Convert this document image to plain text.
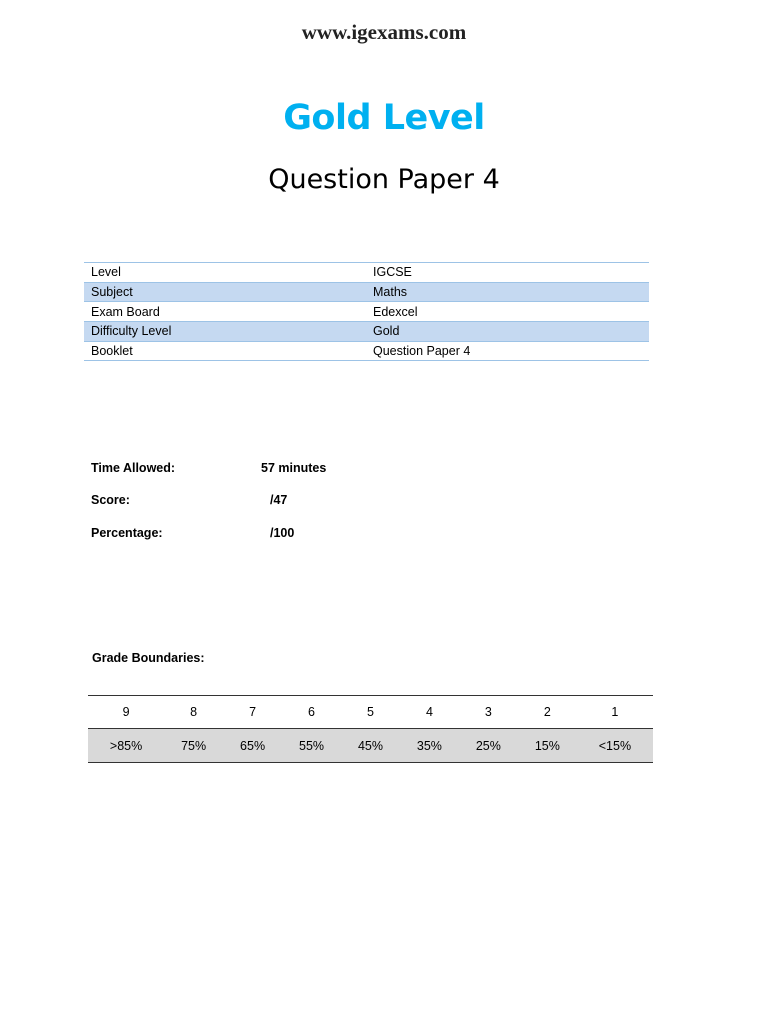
www.igexams.com
Gold Level
Question Paper 4
Level	IGCSE
Subject	Maths
Exam Board	Edexcel
Difficulty Level	Gold
Booklet	Question Paper 4
Time Allowed:	57 minutes
Score:	/47
Percentage:	/100
Grade Boundaries:
9	8	7	6	5	4	3	2	1
>85%	75%	65%	55%	45%	35%	25%	15%	<15%
